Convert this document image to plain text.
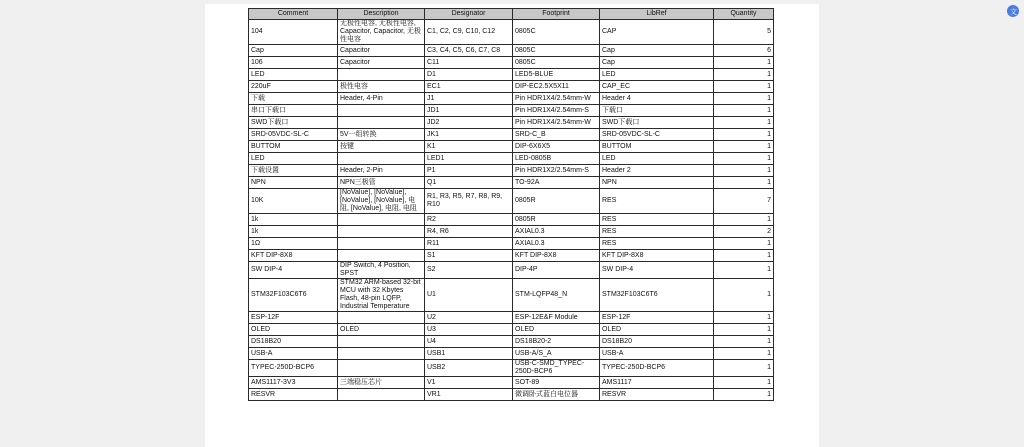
Comment	Description	Designator	Footprint	LibRef	Quantity
104	无极性电容, 无极性电容, Capacitor, Capacitor, 无极性电容	C1, C2, C9, C10, C12	0805C	CAP	5
Cap	Capacitor	C3, C4, C5, C6, C7, C8	0805C	Cap	6
106	Capacitor	C11	0805C	Cap	1
LED		D1	LED5-BLUE	LED	1
220uF	极性电容	EC1	DIP-EC2.5X5X11	CAP_EC	1
下载	Header, 4-Pin	J1	Pin HDR1X4/2.54mm-W	Header 4	1
串口下载口		JD1	Pin HDR1X4/2.54mm-S	下载口	1
SWD下载口		JD2	Pin HDR1X4/2.54mm-W	SWD下载口	1
SRD-05VDC-SL-C	5V一组转换	JK1	SRD-C_B	SRD-05VDC-SL-C	1
BUTTOM	按键	K1	DIP-6X6X5	BUTTOM	1
LED		LED1	LED-0805B	LED	1
下载设置	Header, 2-Pin	P1	Pin HDR1X2/2.54mm-S	Header 2	1
NPN	NPN三极管	Q1	TO-92A	NPN	1
10K	[NoValue], [NoValue], [NoValue], [NoValue], 电阻, [NoValue], 电阻, 电阻	R1, R3, R5, R7, R8, R9, R10	0805R	RES	7
1k		R2	0805R	RES	1
1k		R4, R6	AXIAL0.3	RES	2
1Ω		R11	AXIAL0.3	RES	1
KFT DIP-8X8		S1	KFT DIP-8X8	KFT DIP-8X8	1
SW DIP-4	DIP Switch, 4 Position, SPST	S2	DIP-4P	SW DIP-4	1
STM32F103C6T6	STM32 ARM-based 32-bit MCU with 32 Kbytes Flash, 48-pin LQFP, Industrial Temperature	U1	STM-LQFP48_N	STM32F103C6T6	1
ESP-12F		U2	ESP-12E&F Module	ESP-12F	1
OLED	OLED	U3	OLED	OLED	1
DS18B20		U4	DS18B20-2	DS18B20	1
USB-A		USB1	USB-A/S_A	USB-A	1
TYPEC-250D-BCP6		USB2	USB-C-SMD_TYPEC-250D-BCP6	TYPEC-250D-BCP6	1
AMS1117-3V3	三端稳压芯片	V1	SOT-89	AMS1117	1
RESVR		VR1	微调卧式蓝白电位器	RESVR	1
文
